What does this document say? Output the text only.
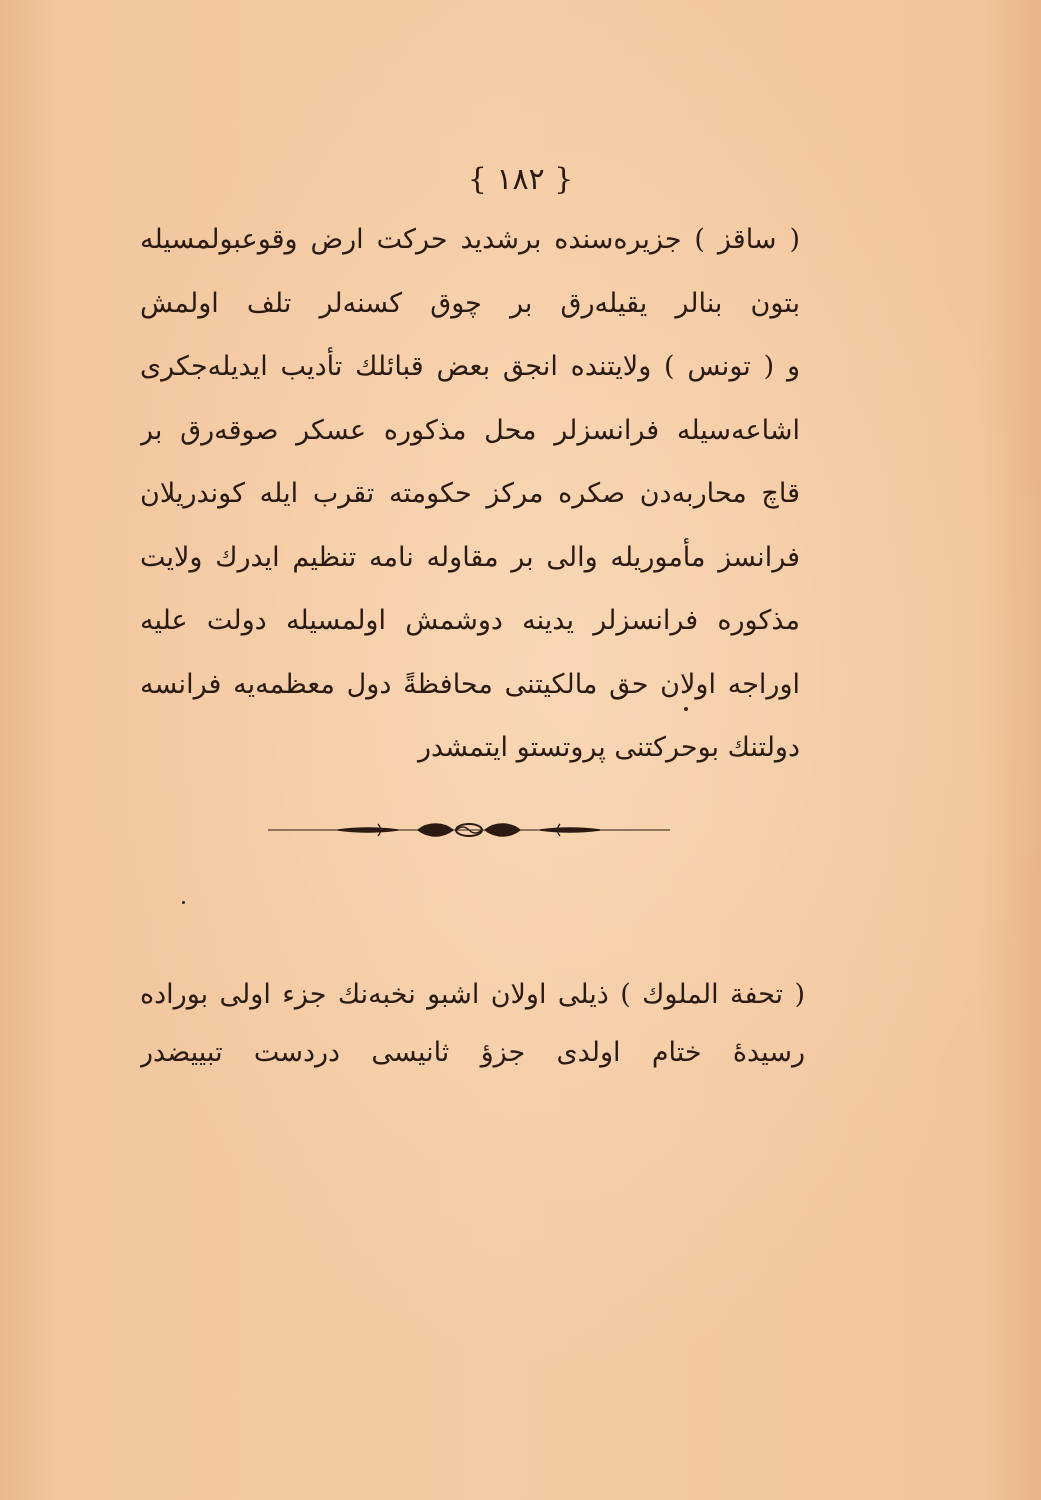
{ ١٨٢ }
( ساقز ) جزیره‌سنده برشدید حرکت ارض وقوعبولمسیله
بتون بنالر یقیله‌رق بر چوق کسنه‌لر تلف اولمش
و ( تونس ) ولایتنده انجق بعض قبائلك تأدیب ایدیله‌جکری
اشاعه‌سیله فرانسزلر محل مذکوره عسکر صوقه‌رق بر
قاچ محاربه‌دن صکره مرکز حکومته تقرب ایله کوندریلان
فرانسز مأموریله والی بر مقاوله نامه تنظیم ایدرك ولایت
مذکوره فرانسزلر یدینه دوشمش اولمسیله دولت علیه
اوراجه اولان حق مالکیتنی محافظةً دول معظمه‌یه فرانسه
دولتنك بوحرکتنی پروتستو ایتمشدر
( تحفة الملوك ) ذیلی اولان اشبو نخبه‌نك جزء اولی بوراده
رسیده‌ٔ ختام اولدی جزؤ ثانیسی دردست تبییضدر
